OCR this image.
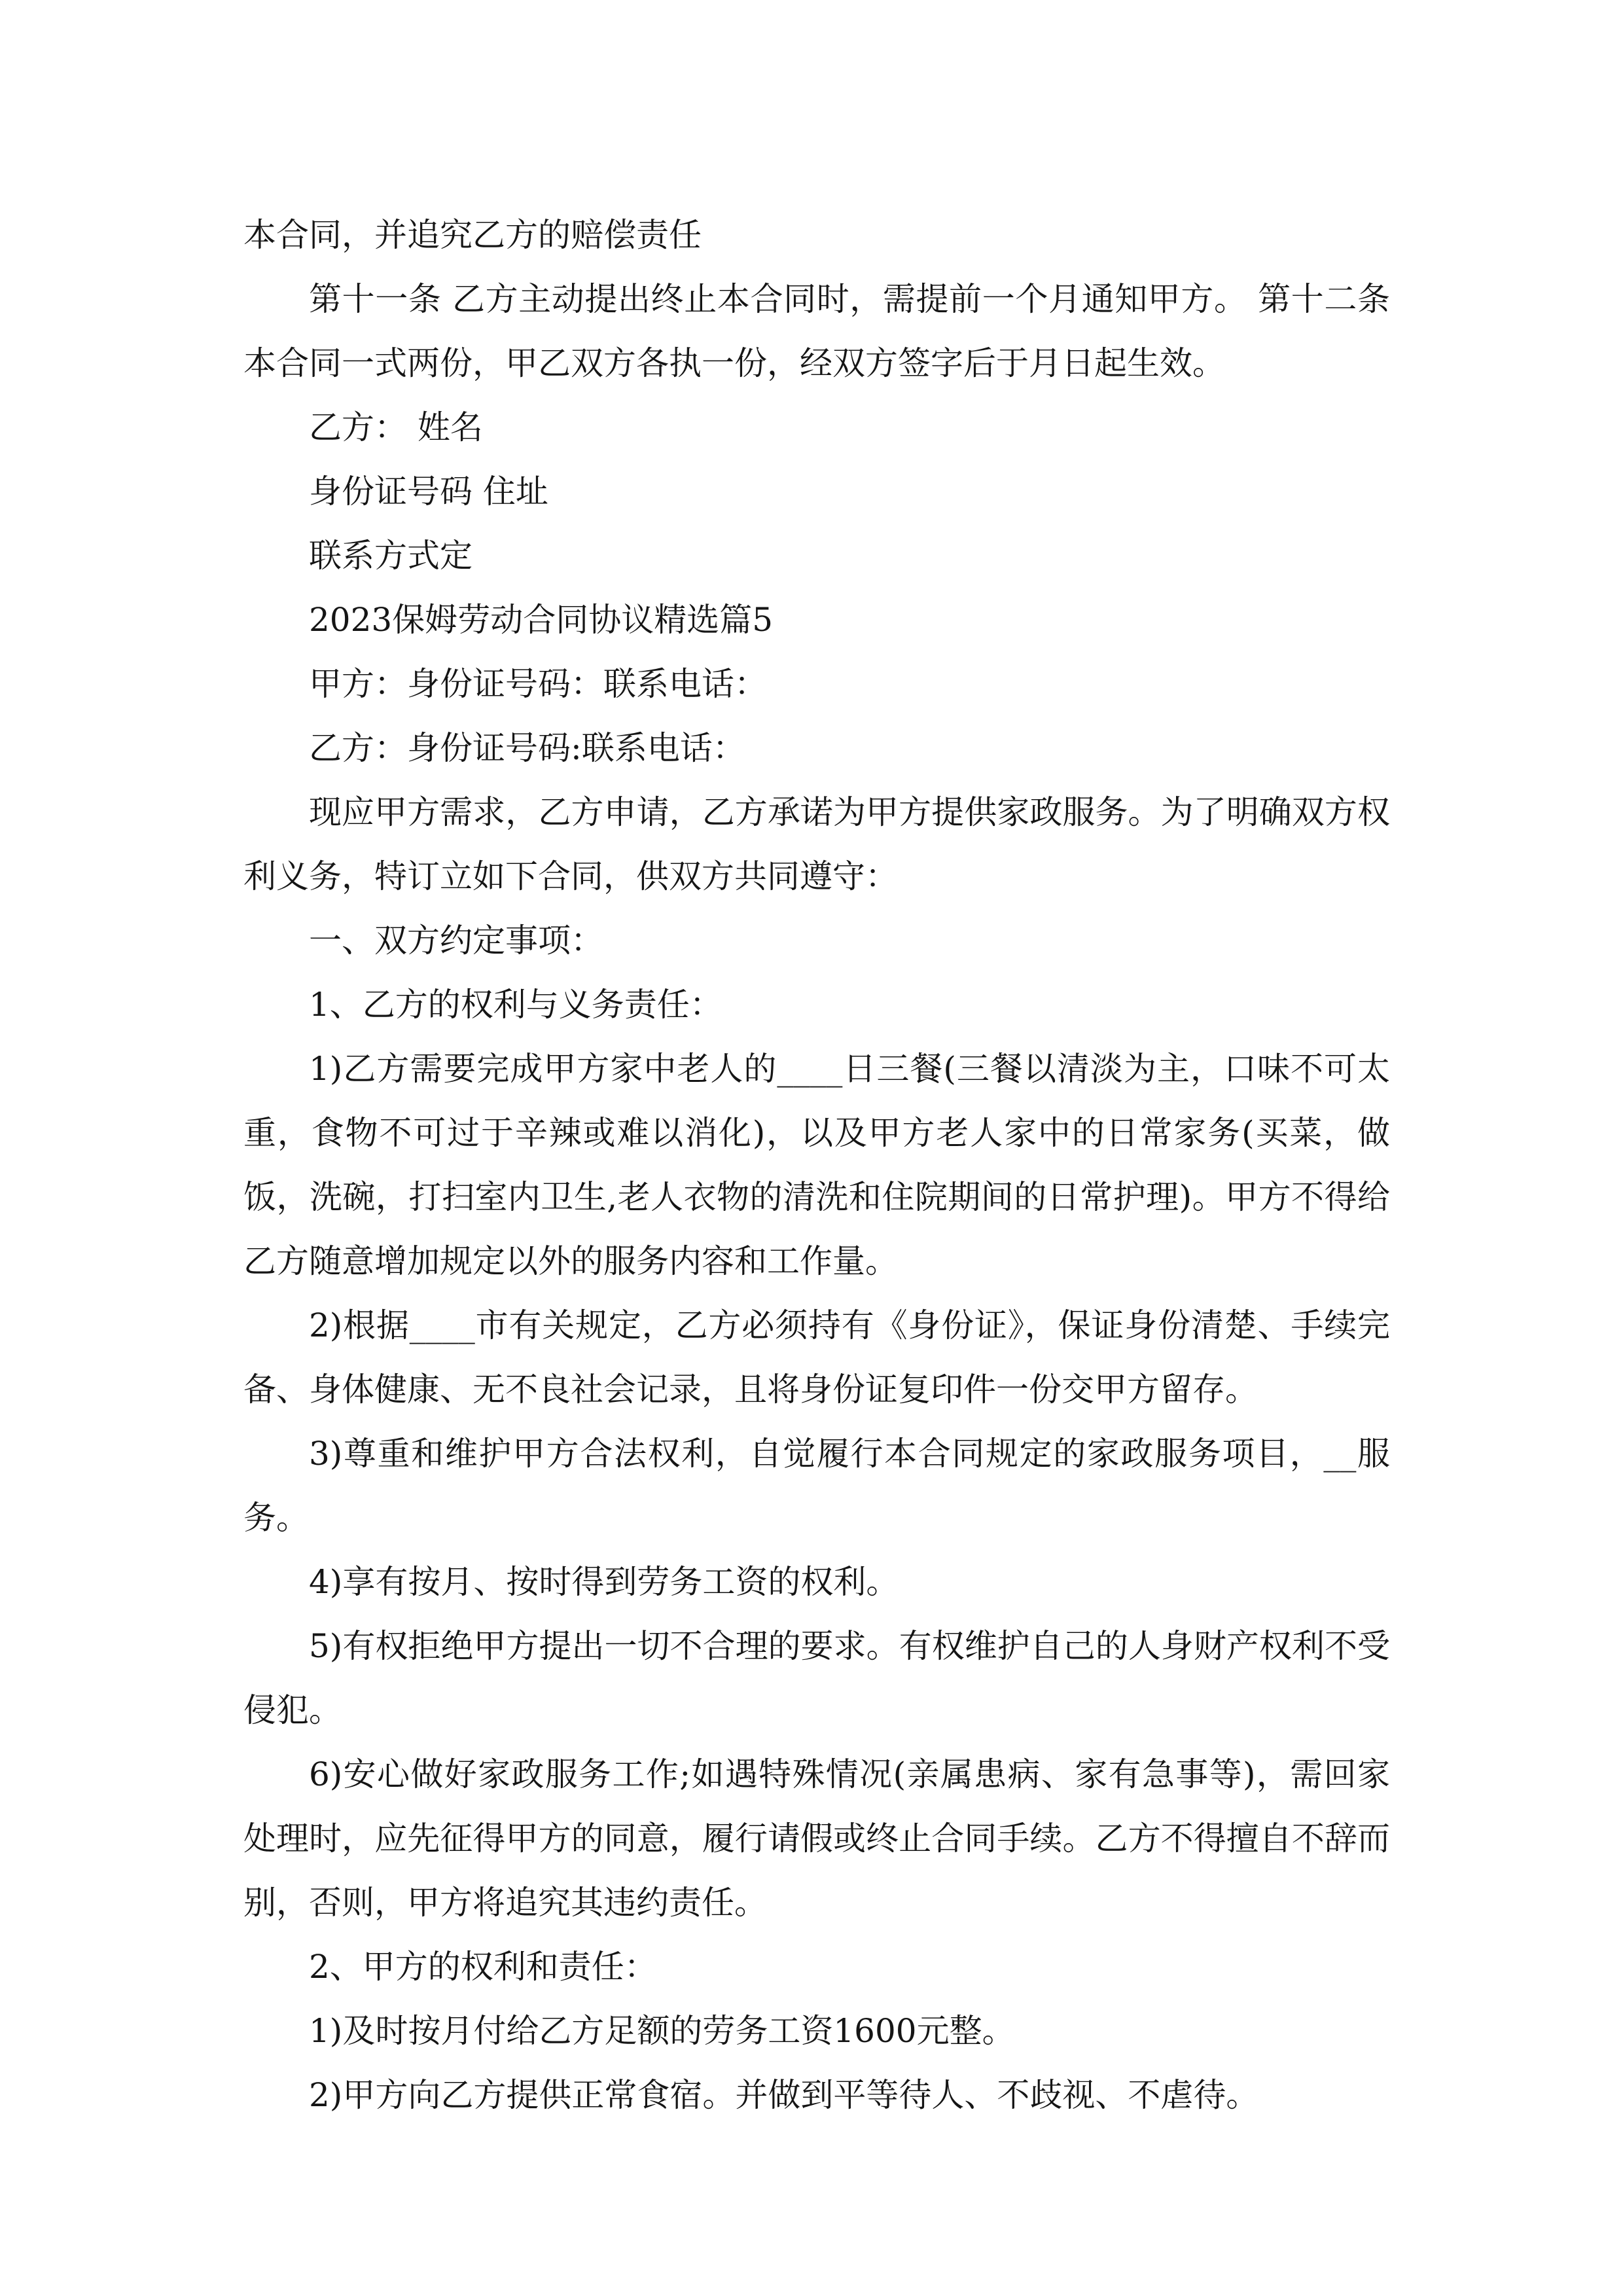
本合同，并追究乙方的赔偿责任

第十一条 乙方主动提出终止本合同时，需提前一个月通知甲方。 第十二条本合同一式两份，甲乙双方各执一份，经双方签字后于月日起生效。

乙方： 姓名

身份证号码 住址

联系方式定

2023保姆劳动合同协议精选篇5

甲方：身份证号码：联系电话：

乙方：身份证号码:联系电话：

现应甲方需求，乙方申请，乙方承诺为甲方提供家政服务。为了明确双方权利义务，特订立如下合同，供双方共同遵守：

一、双方约定事项：

1、乙方的权利与义务责任：

1)乙方需要完成甲方家中老人的____日三餐(三餐以清淡为主，口味不可太重，食物不可过于辛辣或难以消化)，以及甲方老人家中的日常家务(买菜，做饭，洗碗，打扫室内卫生,老人衣物的清洗和住院期间的日常护理)。甲方不得给乙方随意增加规定以外的服务内容和工作量。

2)根据____市有关规定，乙方必须持有《身份证》，保证身份清楚、手续完备、身体健康、无不良社会记录，且将身份证复印件一份交甲方留存。

3)尊重和维护甲方合法权利，自觉履行本合同规定的家政服务项目，__服务。

4)享有按月、按时得到劳务工资的权利。

5)有权拒绝甲方提出一切不合理的要求。有权维护自己的人身财产权利不受侵犯。

6)安心做好家政服务工作;如遇特殊情况(亲属患病、家有急事等)，需回家处理时，应先征得甲方的同意，履行请假或终止合同手续。乙方不得擅自不辞而别，否则，甲方将追究其违约责任。

2、甲方的权利和责任：

1)及时按月付给乙方足额的劳务工资1600元整。

2)甲方向乙方提供正常食宿。并做到平等待人、不歧视、不虐待。
